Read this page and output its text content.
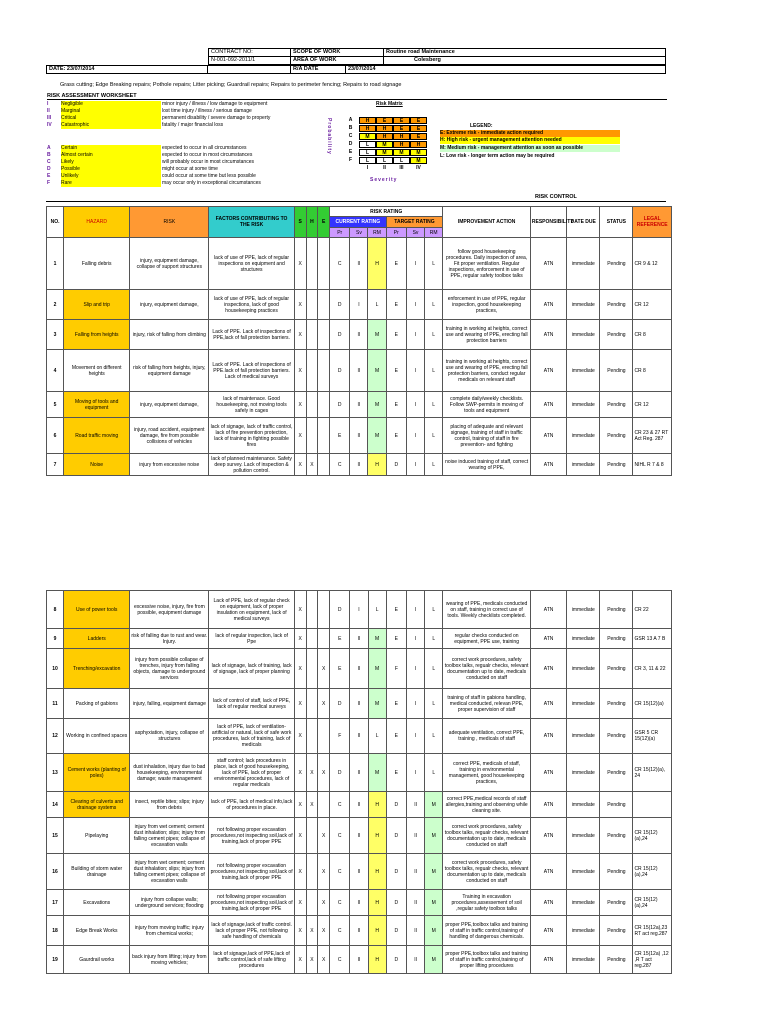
CONTRACT NO:
N-001-092-2011/1
SCOPE OF WORK	Routine road Maintenance
AREA OF WORK	Colesberg
DATE: 23/07/2014	R/A DATE	23/07/2014
Grass cutting; Edge Breaking repairs; Pothole repairs; Litter picking; Guardrail repairs; Repairs to perimeter fencing; Repairs to road signage
RISK ASSESSMENT WORKSHEET
I	Negligible	minor injury / illness / low damage to equipment
II	Marginal	lost time injury / illness / serious damage
III	Critical	permanent disability / severe damage to property
IV	Catastrophic	fatality / major financial loss
A	Certain	expected to occur in all circumstances
B	Almost certain	expected to occur in most circumstances
C	Likely	will probably occur in most circumstances
D	Possible	might occur at some time
E	Unlikely	could occur at some time but less possible
F	Rare	may occur only in exceptional circumstances
Risk Matrix
Probability	A	H	E	E	E
B	H	H	E	E
C	M	H	H	E
D	L	M	H	H
E	L	M	M	M
F	L	L	L	M
I	II	III	IV
Severity
LEGEND:
E: Extreme risk - immediate action required
H: High risk - urgent management attention needed
M: Medium risk - management attention as soon as possible
L: Low risk - longer term action may be required
RISK CONTROL
NO.	HAZARD	RISK	FACTORS CONTRIBUTING TO THE RISK	S	H	E	RISK RATING						IMPROVEMENT ACTION	RESPONSIBILITY	DATE DUE	STATUS	LEGAL REFERENCE
							CURRENT RATING			TARGET RATING							
							Pr	Sv	RM	Pr	Sv	RM					
1	Falling debris	injury, equipment damage, collapse of support structures	lack of use of PPE, lack of regular inspections on equipment and structures	X			C	II	H	E	I	L	follow good housekeeping procedures. Daily inspection of area, Fit proper ventilation. Regular inspections, enforcement in use of PPE, regular safety toolbox talks	ATN	immediate	Pending	CR 9 & 12
2	Slip and trip	injury, equipment damage,	lack of use of PPE, lack of regular inspections, lack of good housekeeping practices	X			D	I	L	E	I	L	enforcement in use of PPE, regular inspection, good housekeeping practices,	ATN	immediate	Pending	CR 12
3	Falling from heights	injury, risk of falling from climbing	Lack of PPE. Lack of inspections of PPE,lack of fall protection barriers.	X			D	II	M	E	I	L	training in working at heights, correct use and wearing of PPE, erecting fall protection barriers	ATN	immediate	Pending	CR 8
4	Movement on different heights	risk of falling from heights, injury, equipment damage	Lack of PPE. Lack of inspections of PPE.lack of fall protection barriers. Lack of medical surveys	X			D	II	M	E	I	L	training in working at heights, correct use and wearing of PPE, erecting fall protection barriers, conduct regular medicals on relevant staff	ATN	immediate	Pending	CR 8
5	Moving of tools and equipment	injury, equipment damage,	lack of maintenace. Good housekeeping, not moving tools safely in cages	X			D	II	M	E	I	L	complete daily/weekly checklists. Follow SWP-permits in moving of tools and equipment	ATN	immediate	Pending	CR 12
6	Road traffic moving	injury, road accident, equipment damage, fire from possible collisions of vehicles	lack of signage, lack of traffic control, lack of fire prevention protection, lack of training in fighting possible fires	X			E	II	M	E	I	L	placing of adequate and relevant signage, training of staff in traffic control, training of staff in fire prevention- and fighting	ATN	immediate	Pending	CR 23 & 27 RT Act Reg. 287
7	Noise	injury from excessive noise	lack of planned maintenance. Safety deep survey. Lack of inspection & pollution control.	X	X		C	II	H	D	I	L	noise induced training of staff, correct wearing of PPE,	ATN	immediate	Pending	NIHL R 7 & 8
8	Use of power tools	excessive noise, injury, fire from possible, equipment damage	Lack of PPE, lack of regular check on equipment, lack of proper insulation on equipment, lack of medical surveys	X			D	I	L	E	I	L	wearing of PPE, medicals conducted on staff, training in correct use of tools. Weekly checklists completed.	ATN	immediate	Pending	CR 22
9	Ladders	risk of falling due to rust and wear. Injury.	lack of regular inspection, lack of Ppe	X			E	II	M	E	I	L	regular checks conducted on equipment, PPE use, training	ATN	immediate	Pending	GSR 13 A 7 B
10	Trenching/excavation	injury from possible collapse of trenches, injury from falling objects, damage to underground services	lack of signage, lack of training, lack of signage, lack of proper planning	X		X	E	II	M	F	I	L	correct work procedures, safety toolbox talks, regualr checks, relevant documentation up to date, medicals conducted on staff	ATN	immediate	Pending	CR 3, 11 & 22
11	Packing of gabions	injury, falling, equipment damage	lack of control of staff, lack of PPE, lack of regular medical surveys	X		X	D	II	M	E	I	L	training of staff in gabions handling, medical conducted, relevan PPE, proper supervision of staff	ATN	immediate	Pending	CR 15(12)(a)
12	Working in confined spaces	asphyxiation, injury, collapse of structures	lack of PPE, lack of ventilation-artificial or natural, lack of safe work procedures, lack of training, lack of medicals	X			F	II	L	E	I	L	adequate ventilation, correct PPE, training , medicals of staff	ATN	immediate	Pending	GSR 5 CR 15(12)(a)
13	Cement works (planting of poles)	dust inhalation, injury due to bad housekeeping, environmental damage; waste management	staff control; lack procedures in place, lack of good housekeeping, lack of PPE, lack of proper environmental procedures, lack of regular medicals	X	X	X	D	II	M	E	I	L	correct PPE, medicals of staff, training in environmental management, good housekeeping practices,	ATN	immediate	Pending	CR 15(12)(a), 24
14	Clearing of culverts and drainage systems	insect, reptile bites; slips; injury from debris	lack of PPE, lack of medical info,lack of procedures in place.	X	X		C	II	H	D	II	M	correct PPE,medical records of staff allergies,training and observing while cleaning site.	ATN	immediate	Pending	
15	Pipelaying	injury from wet cement; cement dust inhalation; slips; injury from falling cement pipes; collapse of excavation walls	not following proper excavation procedures,not inspecting soil,lack of training,lack of proper PPE	X		X	C	II	H	D	II	M	correct work procedures, safety toolbox talks, regualr checks, relevant documentation up to date, medicals conducted on staff	ATN	immediate	Pending	CR 15(12)(a),24
16	Building of storm water drainage	injury from wet cement; cement dust inhalation; slips; injury from falling cement pipes; collapse of excavation walls	not following proper excavation procedures,not inspecting soil,lack of training,lack of proper PPE	X		X	C	II	H	D	II	M	correct work procedures, safety toolbox talks, regualr checks, relevant documentation up to date, medicals conducted on staff	ATN	immediate	Pending	CR 15(12)(a),24
17	Excavations	injury from collapse walls; underground services; flooding	not following proper excavation procedures,not inspecting soil,lack of training,lack of proper PPE	X		X	C	II	H	D	II	M	Training in excavation procedures,assessement of soil ,regular safety toolbox talks	ATN	immediate	Pending	CR 15(12)(a),24
18	Edge Break Works	injury from moving traffic; injury from chemical works;	lack of signage,lack of traffic control. lack of proper PPE, not following safe handling of chemicals	X	X	X	C	II	H	D	II	M	proper PPE,toolbox talks and training of staff in traffic control,training of handling of dangerous chemicals.	ATN	immediate	Pending	CR 15(12a),23 RT act reg.287
19	Gaurdrail works	back injury from lifting; injury from moving vehicles;	lack of signage,lack of PPE,lack of traffic control,lack of safe lifting procedures	X	X	X	C	II	H	D	II	M	proper PPE,toolbox talks and training of staff in traffic control,training of proper lifting procedures	ATN	immediate	Pending	CR 15(12a) ,12 ,R T act reg.287
